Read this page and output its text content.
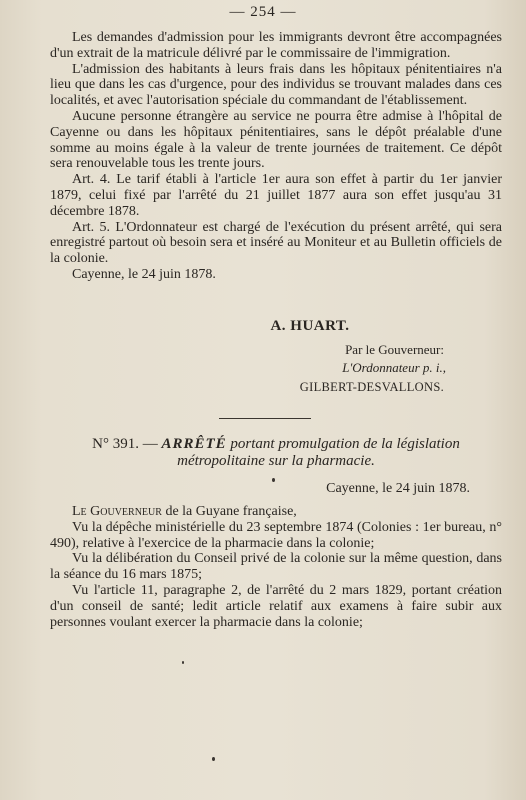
— 254 —

Les demandes d'admission pour les immigrants devront être accompagnées d'un extrait de la matricule délivré par le commissaire de l'immigration.

L'admission des habitants à leurs frais dans les hôpitaux pénitentiaires n'a lieu que dans les cas d'urgence, pour des individus se trouvant malades dans ces localités, et avec l'autorisation spéciale du commandant de l'établissement.

Aucune personne étrangère au service ne pourra être admise à l'hôpital de Cayenne ou dans les hôpitaux pénitentiaires, sans le dépôt préalable d'une somme au moins égale à la valeur de trente journées de traitement. Ce dépôt sera renouvelable tous les trente jours.

Art. 4. Le tarif établi à l'article 1er aura son effet à partir du 1er janvier 1879, celui fixé par l'arrêté du 21 juillet 1877 aura son effet jusqu'au 31 décembre 1878.

Art. 5. L'Ordonnateur est chargé de l'exécution du présent arrêté, qui sera enregistré partout où besoin sera et inséré au Moniteur et au Bulletin officiels de la colonie.

Cayenne, le 24 juin 1878.

A. HUART.
Par le Gouverneur:
L'Ordonnateur p. i.,
GILBERT-DESVALLONS.
N° 391. — ARRÊTÉ portant promulgation de la législation
métropolitaine sur la pharmacie.
Cayenne, le 24 juin 1878.

Le Gouverneur de la Guyane française,

Vu la dépêche ministérielle du 23 septembre 1874 (Colonies : 1er bureau, n° 490), relative à l'exercice de la pharmacie dans la colonie;

Vu la délibération du Conseil privé de la colonie sur la même question, dans la séance du 16 mars 1875;

Vu l'article 11, paragraphe 2, de l'arrêté du 2 mars 1829, portant création d'un conseil de santé; ledit article relatif aux examens à faire subir aux personnes voulant exercer la pharmacie dans la colonie;
